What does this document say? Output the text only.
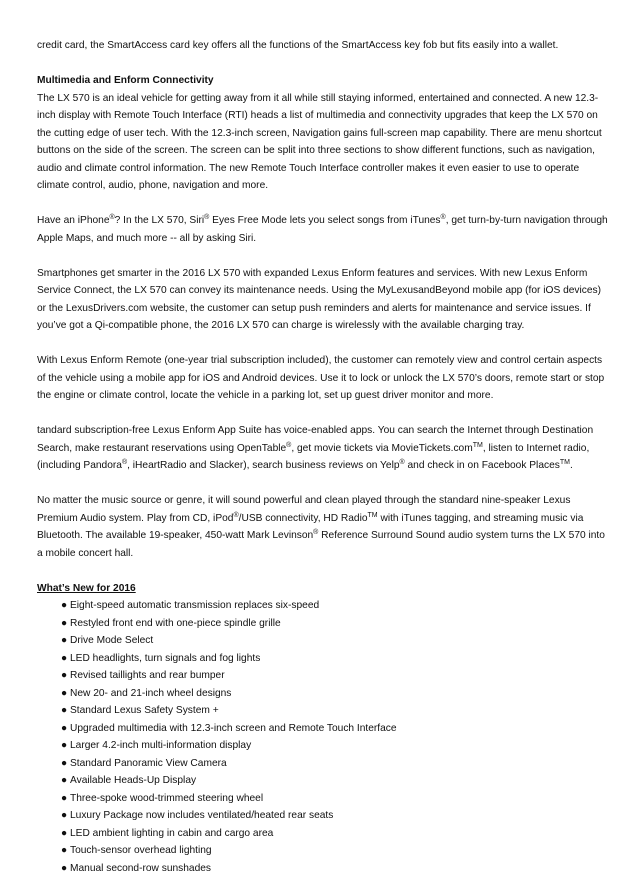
credit card, the SmartAccess card key offers all the functions of the SmartAccess key fob but fits easily into a wallet.

Multimedia and Enform Connectivity

The LX 570 is an ideal vehicle for getting away from it all while still staying informed, entertained and connected. A new 12.3-inch display with Remote Touch Interface (RTI) heads a list of multimedia and connectivity upgrades that keep the LX 570 on the cutting edge of user tech. With the 12.3-inch screen, Navigation gains full-screen map capability. There are menu shortcut buttons on the side of the screen. The screen can be split into three sections to show different functions, such as navigation, audio and climate control information. The new Remote Touch Interface controller makes it even easier to use to operate climate control, audio, phone, navigation and more.

Have an iPhone®? In the LX 570, Siri® Eyes Free Mode lets you select songs from iTunes®, get turn-by-turn navigation through Apple Maps, and much more -- all by asking Siri.

Smartphones get smarter in the 2016 LX 570 with expanded Lexus Enform features and services. With new Lexus Enform Service Connect, the LX 570 can convey its maintenance needs. Using the MyLexusandBeyond mobile app (for iOS devices) or the LexusDrivers.com website, the customer can setup push reminders and alerts for maintenance and service issues. If you’ve got a Qi-compatible phone, the 2016 LX 570 can charge is wirelessly with the available charging tray.

With Lexus Enform Remote (one-year trial subscription included), the customer can remotely view and control certain aspects of the vehicle using a mobile app for iOS and Android devices. Use it to lock or unlock the LX 570’s doors, remote start or stop the engine or climate control, locate the vehicle in a parking lot, set up guest driver monitor and more.

tandard subscription-free Lexus Enform App Suite has voice-enabled apps. You can search the Internet through Destination Search, make restaurant reservations using OpenTable®, get movie tickets via MovieTickets.com™, listen to Internet radio, (including Pandora®, iHeartRadio and Slacker), search business reviews on Yelp® and check in on Facebook Places™.

No matter the music source or genre, it will sound powerful and clean played through the standard nine-speaker Lexus Premium Audio system. Play from CD, iPod®/USB connectivity, HD Radio™ with iTunes tagging, and streaming music via Bluetooth. The available 19-speaker, 450-watt Mark Levinson® Reference Surround Sound audio system turns the LX 570 into a mobile concert hall.

What’s New for 2016

● Eight-speed automatic transmission replaces six-speed
● Restyled front end with one-piece spindle grille
● Drive Mode Select
● LED headlights, turn signals and fog lights
● Revised taillights and rear bumper
● New 20- and 21-inch wheel designs
● Standard Lexus Safety System +
● Upgraded multimedia with 12.3-inch screen and Remote Touch Interface
● Larger 4.2-inch multi-information display
● Standard Panoramic View Camera
● Available Heads-Up Display
● Three-spoke wood-trimmed steering wheel
● Luxury Package now includes ventilated/heated rear seats
● LED ambient lighting in cabin and cargo area
● Touch-sensor overhead lighting
● Manual second-row sunshades
